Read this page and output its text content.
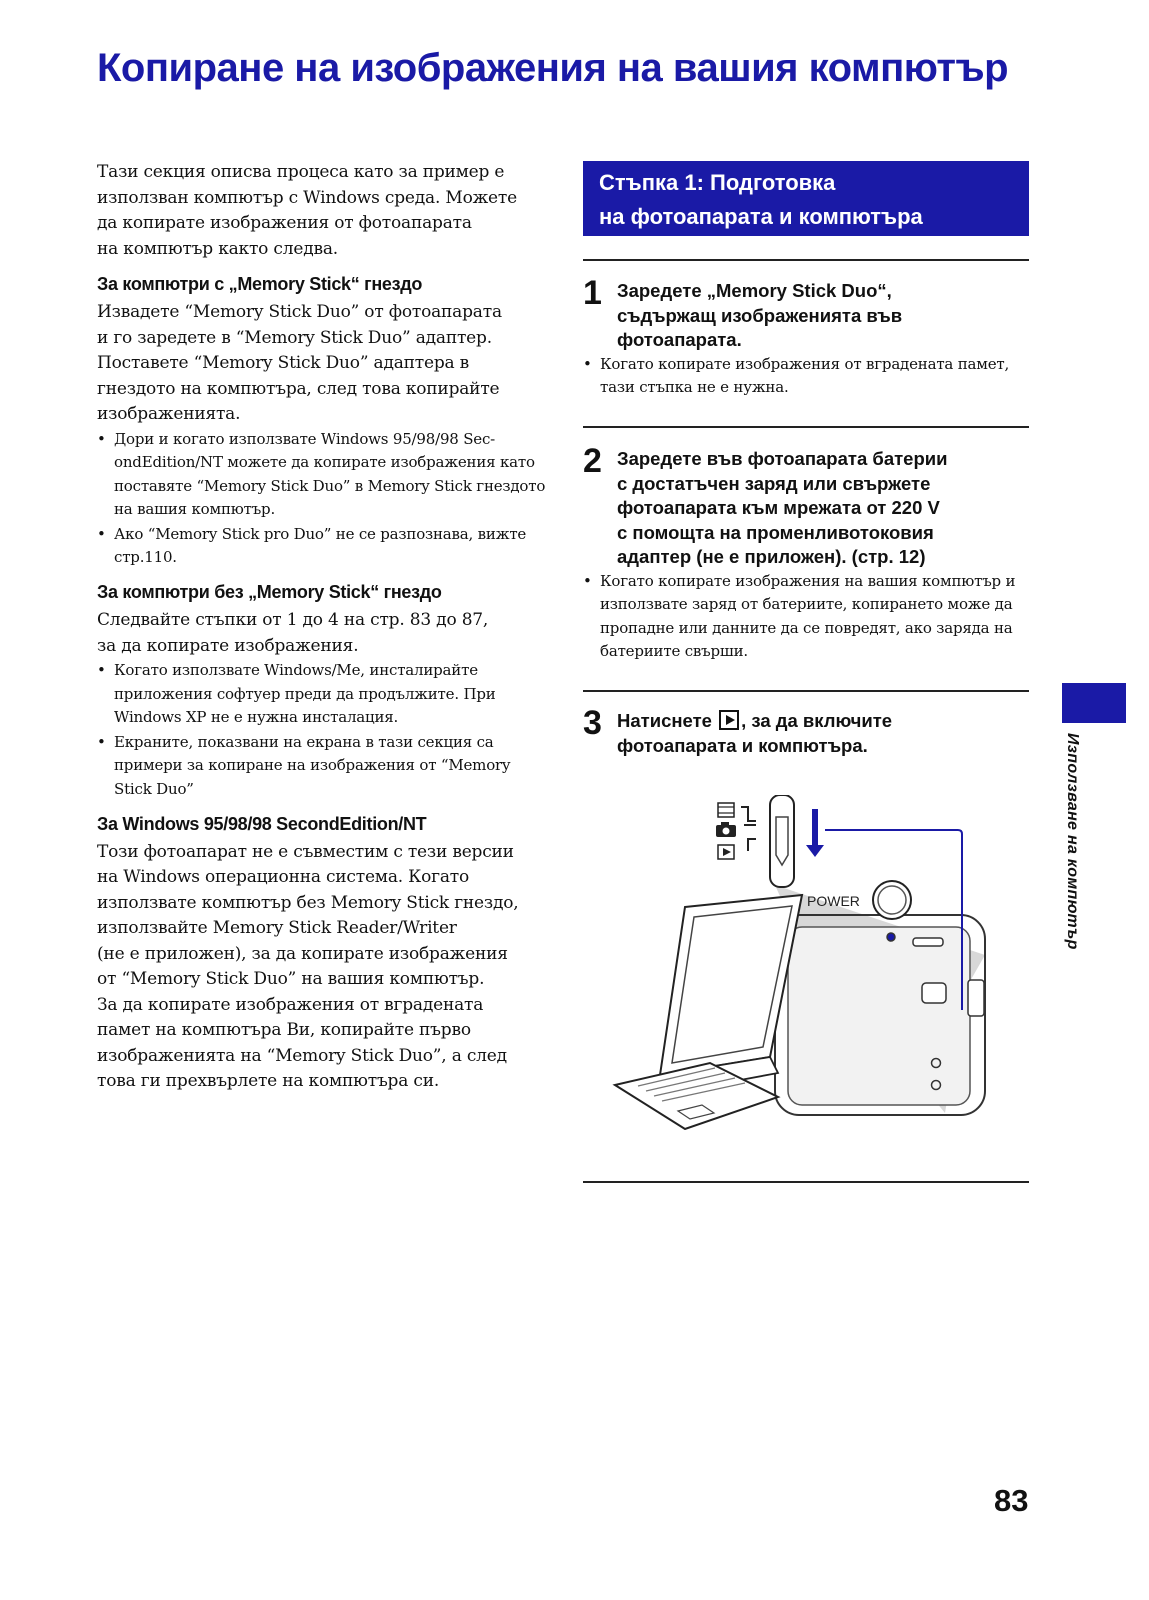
Копиране на изображения на вашия компютър

Тази секция описва процеса като за пример е
използван компютър с Windows среда. Можете
да копирате изображения от фотоапарата
на компютър както следва.

За компютри с „Memory Stick“ гнездо

Извадете “Memory Stick Duo” от фотоапарата
и го заредете в “Memory Stick Duo” адаптер.
Поставете “Memory Stick Duo” адаптера в
гнездото на компютъра, след това копирайте
изображенията.

• Дори и когато използвате Windows 95/98/98 Sec-ondEdition/NT можете да копирате изображения като поставяте “Memory Stick Duo” в Memory Stick гнездото на вашия компютър.
• Ако “Memory Stick pro Duo” не се разпознава, вижте стр.110.
За компютри без „Memory Stick“ гнездо

Следвайте стъпки от 1 до 4 на стр. 83 до 87,
за да копирате изображения.

• Когато използвате Windows/Me, инсталирайте приложения софтуер преди да продължите. При Windows XP не е нужна инсталация.
• Екраните, показвани на екрана в тази секция са примери за копиране на изображения от “Memory Stick Duo”
За Windows 95/98/98 SecondEdition/NT

Този фотоапарат не е съвместим с тези версии
на Windows операционна система. Когато
използвате компютър без Memory Stick гнездо,
използвайте Memory Stick Reader/Writer
(не е приложен), за да копирате изображения
от “Memory Stick Duo” на вашия компютър.
За да копирате изображения от вградената
памет на компютъра Ви, копирайте първо
изображенията на “Memory Stick Duo”, а след
това ги прехвърлете на компютъра си.

Стъпка 1: Подготовка
на фотоапарата и компютъра
1 Заредете „Memory Stick Duo“,
съдържащ изображенията във
фотоапарата.

• Когато копирате изображения от вградената памет, тази стъпка не е нужна.
2 Заредете във фотоапарата батерии
с достатъчен заряд или свържете
фотоапарата към мрежата от 220 V
с помощта на променливотоковия
адаптер (не е приложен). (стр. 12)

• Когато копирате изображения на вашия компютър и използвате заряд от батериите, копирането може да пропадне или данните да се повредят, ако заряда на батериите свърши.
3 Натиснете , за да включите
фотоапарата и компютъра.

POWER	Използване на компютър
83
